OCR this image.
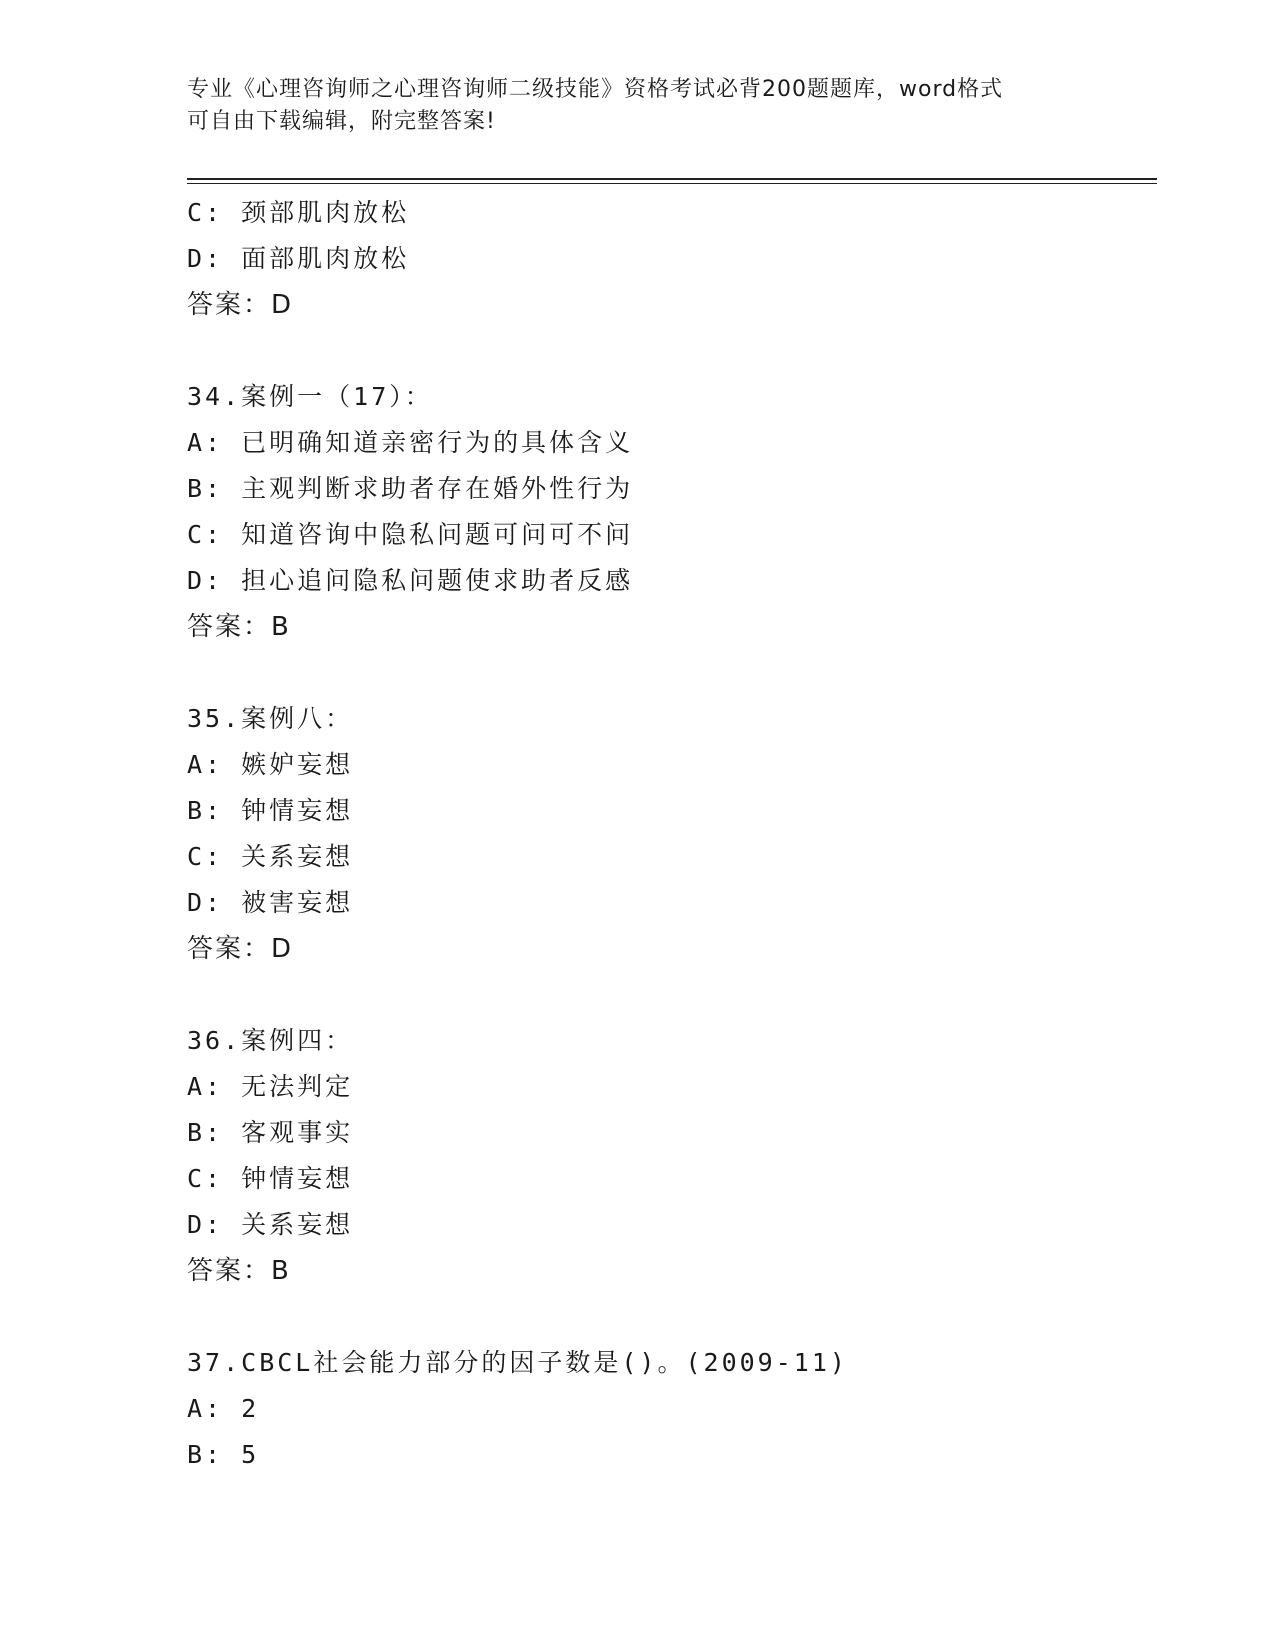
专业《心理咨询师之心理咨询师二级技能》资格考试必背200题题库，word格式
可自由下载编辑，附完整答案!
C: 颈部肌肉放松
D: 面部肌肉放松
答案：D
34.案例一（17）：
A: 已明确知道亲密行为的具体含义
B: 主观判断求助者存在婚外性行为
C: 知道咨询中隐私问题可问可不问
D: 担心追问隐私问题使求助者反感
答案：B
35.案例八：
A: 嫉妒妄想
B: 钟情妄想
C: 关系妄想
D: 被害妄想
答案：D
36.案例四：
A: 无法判定
B: 客观事实
C: 钟情妄想
D: 关系妄想
答案：B
37.CBCL社会能力部分的因子数是()。(2009-11)
A: 2
B: 5
